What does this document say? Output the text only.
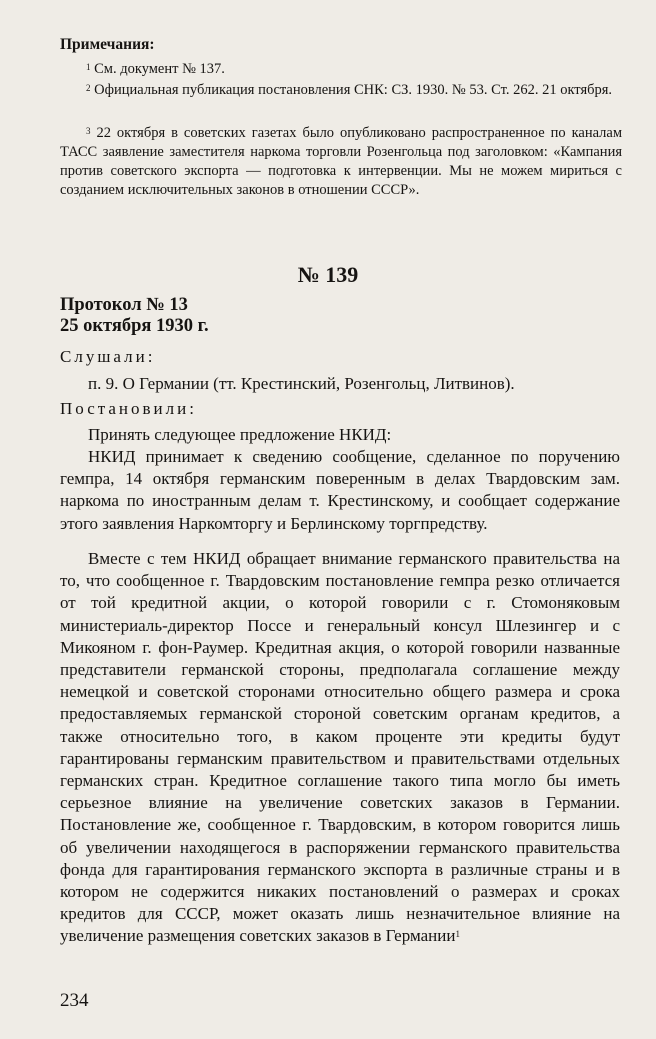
Примечания:
$^1$ См. документ № 137.
$^2$ Официальная публикация постановления СНК: СЗ. 1930. № 53. Ст. 262. 21 октября.
$^3$ 22 октября в советских газетах было опубликовано распространенное по каналам ТАСС заявление заместителя наркома торговли Розенгольца под заголовком: «Кампания против советского экспорта — подготовка к интервенции. Мы не можем мириться с созданием исключительных законов в отношении СССР».
№ 139
Протокол № 13
25 октября 1930 г.
Слушали:
п. 9. О Германии (тт. Крестинский, Розенгольц, Литвинов).
Постановили:
Принять следующее предложение НКИД:
НКИД принимает к сведению сообщение, сделанное по поручению гемпра, 14 октября германским поверенным в делах Твардовским зам. наркома по иностранным делам т. Крестинскому, и сообщает содержание этого заявления Наркомторгу и Берлинскому торгпредству.
Вместе с тем НКИД обращает внимание германского правительства на то, что сообщенное г. Твардовским постановление гемпра резко отличается от той кредитной акции, о которой говорили с г. Стомоняковым министериаль-директор Поссе и генеральный консул Шлезингер и с Микояном г. фон-Раумер. Кредитная акция, о которой говорили названные представители германской стороны, предполагала соглашение между немецкой и советской сторонами относительно общего размера и срока предоставляемых германской стороной советским органам кредитов, а также относительно того, в каком проценте эти кредиты будут гарантированы германским правительством и правительствами отдельных германских стран. Кредитное соглашение такого типа могло бы иметь серьезное влияние на увеличение советских заказов в Германии. Постановление же, сообщенное г. Твардовским, в котором говорится лишь об увеличении находящегося в распоряжении германского правительства фонда для гарантирования германского экспорта в различные страны и в котором не содержится никаких постановлений о размерах и сроках кредитов для СССР, может оказать лишь незначительное влияние на увеличение размещения советских заказов в Германии$^1$
234
